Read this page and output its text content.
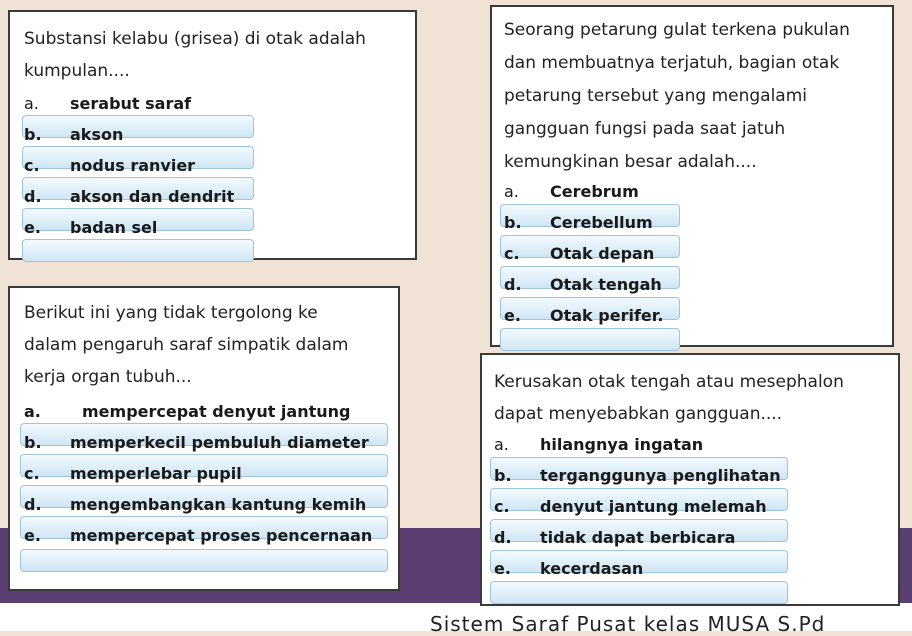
Sistem Saraf Pusat kelas MUSA S.Pd

Substansi kelabu (grisea) di otak adalah

kumpulan....

a. serabut saraf
b. akson
c. nodus ranvier
d. akson dan dendrit
e. badan sel

Seorang petarung gulat terkena pukulan

dan membuatnya terjatuh, bagian otak

petarung tersebut yang mengalami

gangguan fungsi pada saat jatuh

kemungkinan besar adalah....

a. Cerebrum
b. Cerebellum
c. Otak depan
d. Otak tengah
e. Otak perifer.

Berikut ini yang tidak tergolong ke

dalam pengaruh saraf simpatik dalam

kerja organ tubuh...

a.	mempercepat denyut jantung
b. memperkecil pembuluh diameter
c. memperlebar pupil
d. mengembangkan kantung kemih
e. mempercepat proses pencernaan

Kerusakan otak tengah atau mesephalon

dapat menyebabkan gangguan....

a. hilangnya ingatan
b. terganggunya penglihatan
c. denyut jantung melemah
d. tidak dapat berbicara
e. kecerdasan
